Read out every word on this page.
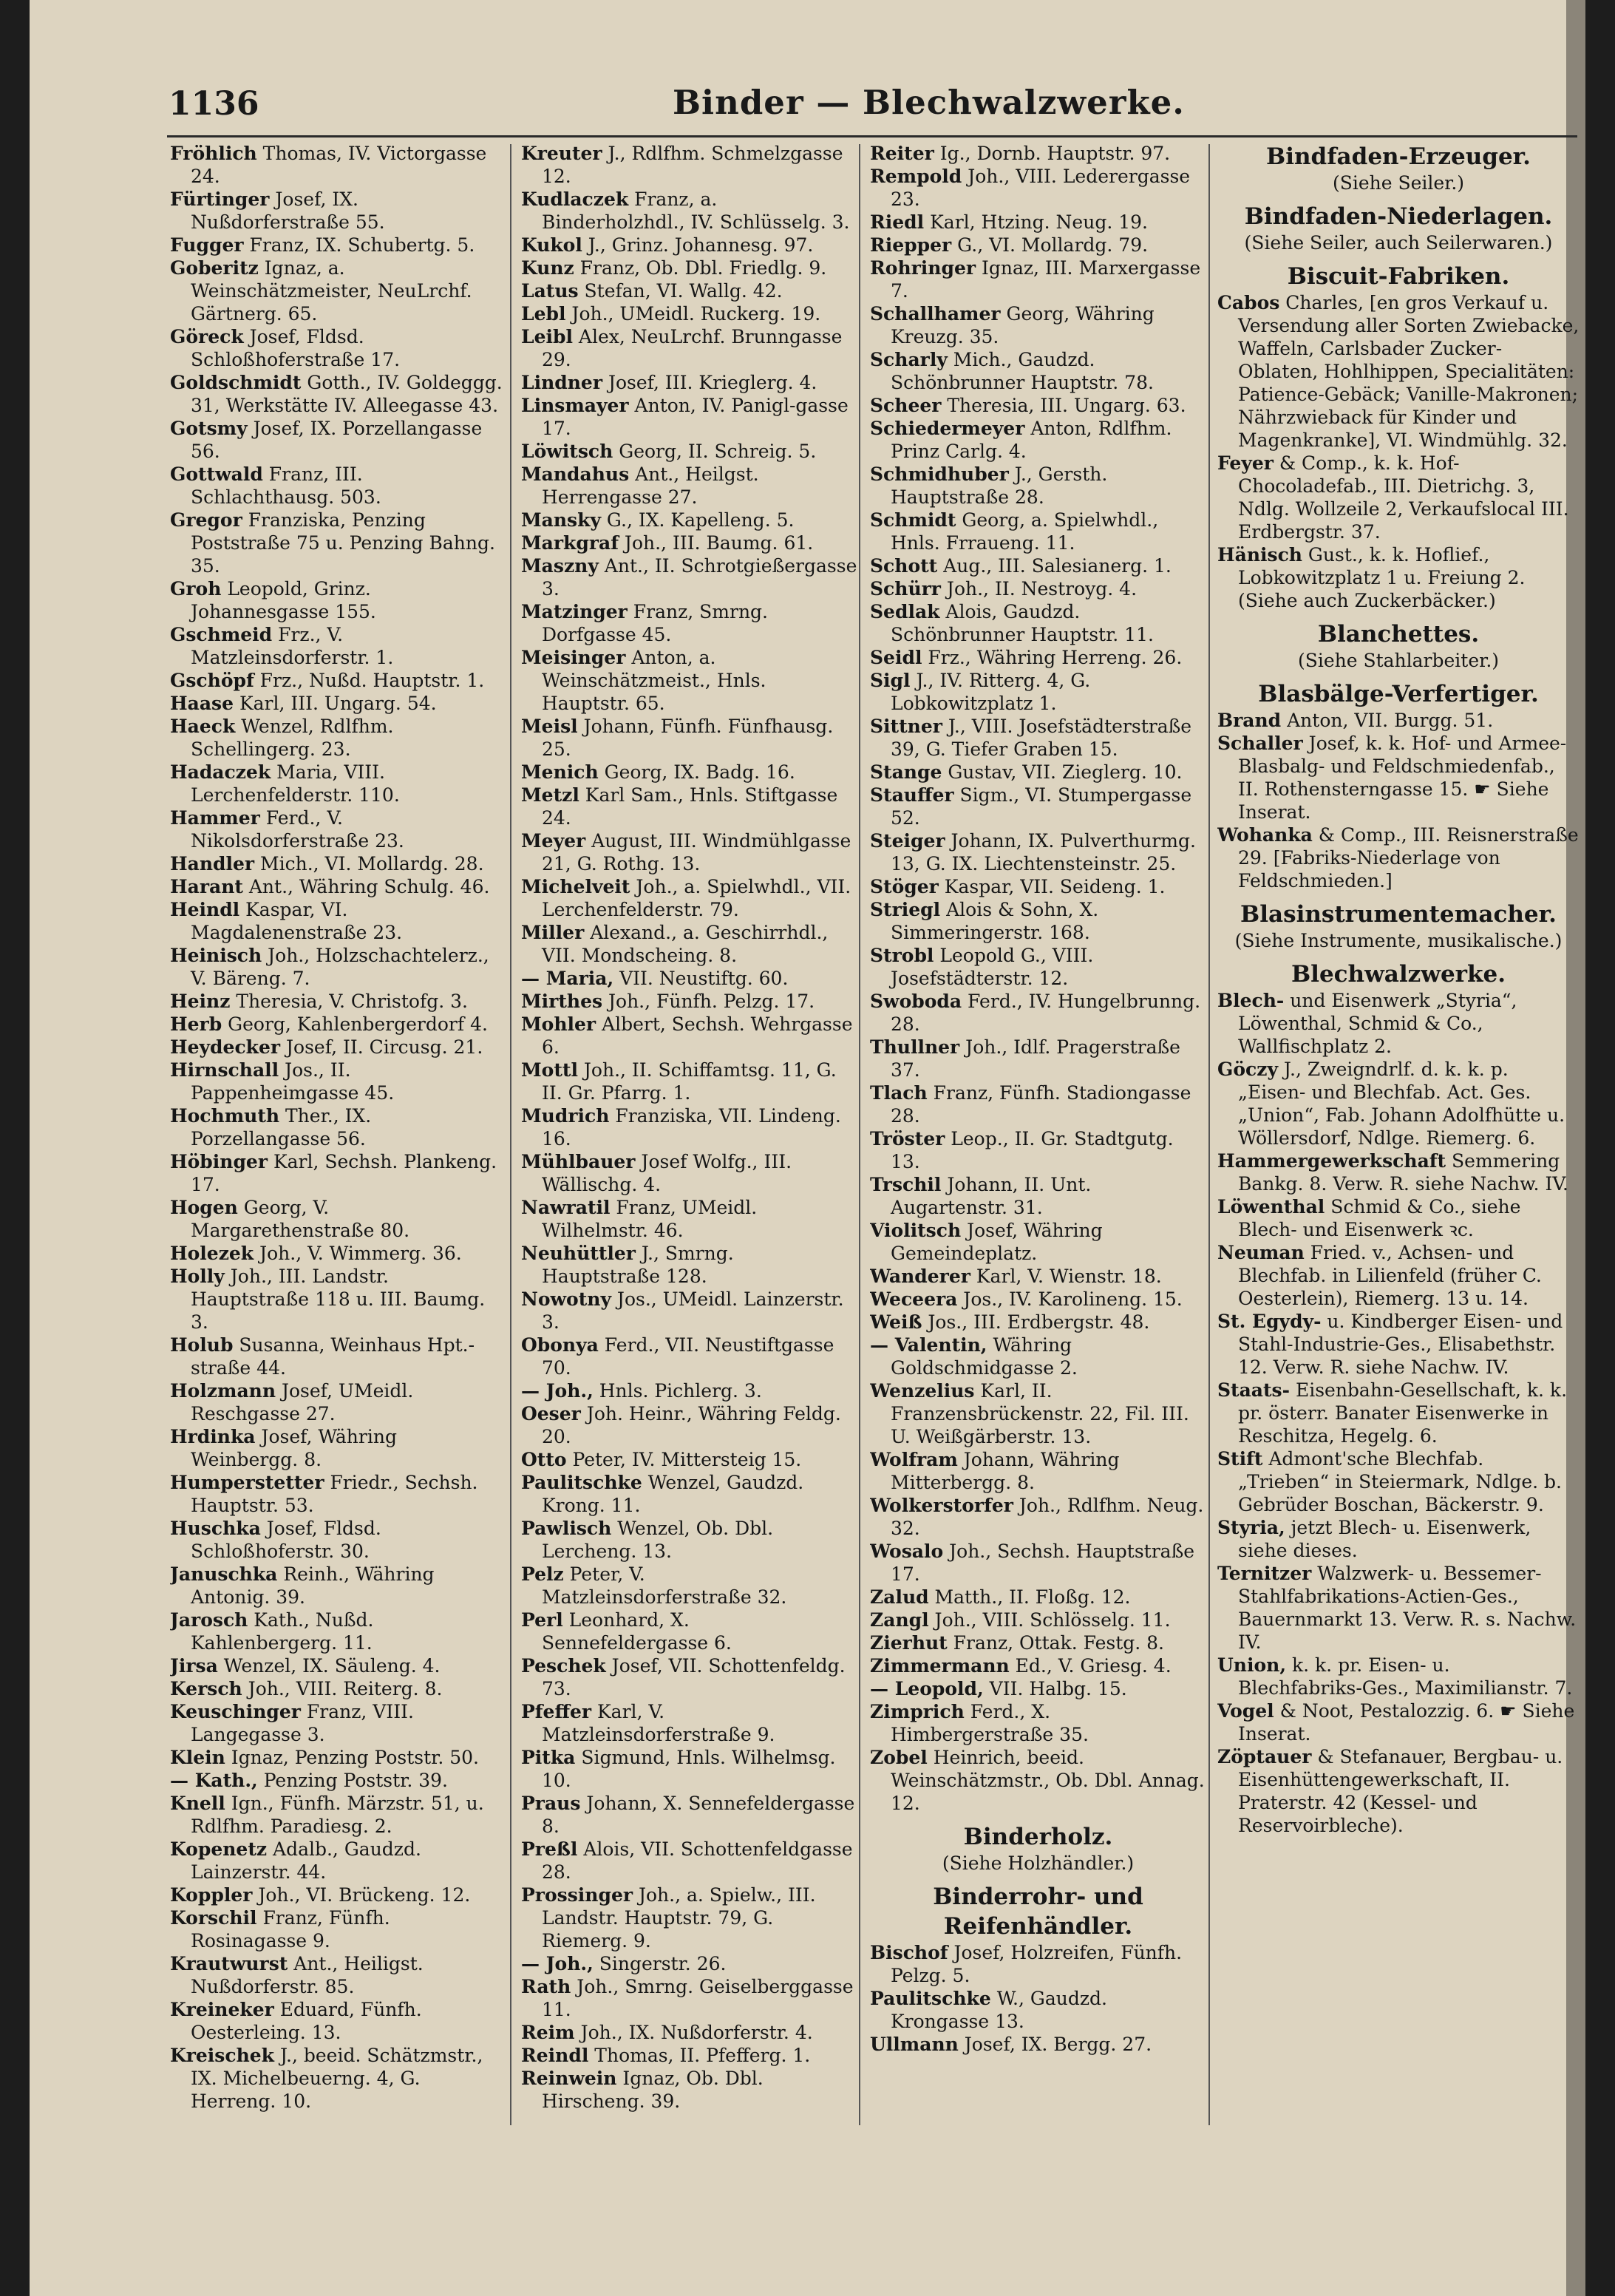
1136	Binder — Blechwalzwerke.

Fröhlich Thomas, IV. Victorgasse 24.

Fürtinger Josef, IX. Nußdorferstraße 55.

Fugger Franz, IX. Schubertg. 5.

Goberitz Ignaz, a. Weinschätzmeister, NeuLrchf. Gärtnerg. 65.

Göreck Josef, Fldsd. Schloßhoferstraße 17.

Goldschmidt Gotth., IV. Goldeggg. 31, Werkstätte IV. Alleegasse 43.

Gotsmy Josef, IX. Porzellangasse 56.

Gottwald Franz, III. Schlachthausg. 503.

Gregor Franziska, Penzing Poststraße 75 u. Penzing Bahng. 35.

Groh Leopold, Grinz. Johannesgasse 155.

Gschmeid Frz., V. Matzleinsdorferstr. 1.

Gschöpf Frz., Nußd. Hauptstr. 1.

Haase Karl, III. Ungarg. 54.

Haeck Wenzel, Rdlfhm. Schellingerg. 23.

Hadaczek Maria, VIII. Lerchenfelderstr. 110.

Hammer Ferd., V. Nikolsdorferstraße 23.

Handler Mich., VI. Mollardg. 28.

Harant Ant., Währing Schulg. 46.

Heindl Kaspar, VI. Magdalenenstraße 23.

Heinisch Joh., Holzschachtelerz., V. Bäreng. 7.

Heinz Theresia, V. Christofg. 3.

Herb Georg, Kahlenbergerdorf 4.

Heydecker Josef, II. Circusg. 21.

Hirnschall Jos., II. Pappenheimgasse 45.

Hochmuth Ther., IX. Porzellangasse 56.

Höbinger Karl, Sechsh. Plankeng. 17.

Hogen Georg, V. Margarethenstraße 80.

Holezek Joh., V. Wimmerg. 36.

Holly Joh., III. Landstr. Hauptstraße 118 u. III. Baumg. 3.

Holub Susanna, Weinhaus Hpt.-straße 44.

Holzmann Josef, UMeidl. Reschgasse 27.

Hrdinka Josef, Währing Weinbergg. 8.

Humperstetter Friedr., Sechsh. Hauptstr. 53.

Huschka Josef, Fldsd. Schloßhoferstr. 30.

Januschka Reinh., Währing Antonig. 39.

Jarosch Kath., Nußd. Kahlenbergerg. 11.

Jirsa Wenzel, IX. Säuleng. 4.

Kersch Joh., VIII. Reiterg. 8.

Keuschinger Franz, VIII. Langegasse 3.

Klein Ignaz, Penzing Poststr. 50.

— Kath., Penzing Poststr. 39.

Knell Ign., Fünfh. Märzstr. 51, u. Rdlfhm. Paradiesg. 2.

Kopenetz Adalb., Gaudzd. Lainzerstr. 44.

Koppler Joh., VI. Brückeng. 12.

Korschil Franz, Fünfh. Rosinagasse 9.

Krautwurst Ant., Heiligst. Nußdorferstr. 85.

Kreineker Eduard, Fünfh. Oesterleing. 13.

Kreischek J., beeid. Schätzmstr., IX. Michelbeuerng. 4, G. Herreng. 10.

Kreuter J., Rdlfhm. Schmelzgasse 12.

Kudlaczek Franz, a. Binderholzhdl., IV. Schlüsselg. 3.

Kukol J., Grinz. Johannesg. 97.

Kunz Franz, Ob. Dbl. Friedlg. 9.

Latus Stefan, VI. Wallg. 42.

Lebl Joh., UMeidl. Ruckerg. 19.

Leibl Alex, NeuLrchf. Brunngasse 29.

Lindner Josef, III. Krieglerg. 4.

Linsmayer Anton, IV. Panigl-gasse 17.

Löwitsch Georg, II. Schreig. 5.

Mandahus Ant., Heilgst. Herrengasse 27.

Mansky G., IX. Kapelleng. 5.

Markgraf Joh., III. Baumg. 61.

Maszny Ant., II. Schrotgießergasse 3.

Matzinger Franz, Smrng. Dorfgasse 45.

Meisinger Anton, a. Weinschätzmeist., Hnls. Hauptstr. 65.

Meisl Johann, Fünfh. Fünfhausg. 25.

Menich Georg, IX. Badg. 16.

Metzl Karl Sam., Hnls. Stiftgasse 24.

Meyer August, III. Windmühlgasse 21, G. Rothg. 13.

Michelveit Joh., a. Spielwhdl., VII. Lerchenfelderstr. 79.

Miller Alexand., a. Geschirrhdl., VII. Mondscheing. 8.

— Maria, VII. Neustiftg. 60.

Mirthes Joh., Fünfh. Pelzg. 17.

Mohler Albert, Sechsh. Wehrgasse 6.

Mottl Joh., II. Schiffamtsg. 11, G. II. Gr. Pfarrg. 1.

Mudrich Franziska, VII. Lindeng. 16.

Mühlbauer Josef Wolfg., III. Wällischg. 4.

Nawratil Franz, UMeidl. Wilhelmstr. 46.

Neuhüttler J., Smrng. Hauptstraße 128.

Nowotny Jos., UMeidl. Lainzerstr. 3.

Obonya Ferd., VII. Neustiftgasse 70.

— Joh., Hnls. Pichlerg. 3.

Oeser Joh. Heinr., Währing Feldg. 20.

Otto Peter, IV. Mittersteig 15.

Paulitschke Wenzel, Gaudzd. Krong. 11.

Pawlisch Wenzel, Ob. Dbl. Lercheng. 13.

Pelz Peter, V. Matzleinsdorferstraße 32.

Perl Leonhard, X. Sennefeldergasse 6.

Peschek Josef, VII. Schottenfeldg. 73.

Pfeffer Karl, V. Matzleinsdorferstraße 9.

Pitka Sigmund, Hnls. Wilhelmsg. 10.

Praus Johann, X. Sennefeldergasse 8.

Preßl Alois, VII. Schottenfeldgasse 28.

Prossinger Joh., a. Spielw., III. Landstr. Hauptstr. 79, G. Riemerg. 9.

— Joh., Singerstr. 26.

Rath Joh., Smrng. Geiselberggasse 11.

Reim Joh., IX. Nußdorferstr. 4.

Reindl Thomas, II. Pfefferg. 1.

Reinwein Ignaz, Ob. Dbl. Hirscheng. 39.

Reiter Ig., Dornb. Hauptstr. 97.

Rempold Joh., VIII. Lederergasse 23.

Riedl Karl, Htzing. Neug. 19.

Riepper G., VI. Mollardg. 79.

Rohringer Ignaz, III. Marxergasse 7.

Schallhamer Georg, Währing Kreuzg. 35.

Scharly Mich., Gaudzd. Schönbrunner Hauptstr. 78.

Scheer Theresia, III. Ungarg. 63.

Schiedermeyer Anton, Rdlfhm. Prinz Carlg. 4.

Schmidhuber J., Gersth. Hauptstraße 28.

Schmidt Georg, a. Spielwhdl., Hnls. Frraueng. 11.

Schott Aug., III. Salesianerg. 1.

Schürr Joh., II. Nestroyg. 4.

Sedlak Alois, Gaudzd. Schönbrunner Hauptstr. 11.

Seidl Frz., Währing Herreng. 26.

Sigl J., IV. Ritterg. 4, G. Lobkowitzplatz 1.

Sittner J., VIII. Josefstädterstraße 39, G. Tiefer Graben 15.

Stange Gustav, VII. Zieglerg. 10.

Stauffer Sigm., VI. Stumpergasse 52.

Steiger Johann, IX. Pulverthurmg. 13, G. IX. Liechtensteinstr. 25.

Stöger Kaspar, VII. Seideng. 1.

Striegl Alois & Sohn, X. Simmeringerstr. 168.

Strobl Leopold G., VIII. Josefstädterstr. 12.

Swoboda Ferd., IV. Hungelbrunng. 28.

Thullner Joh., Idlf. Pragerstraße 37.

Tlach Franz, Fünfh. Stadiongasse 28.

Tröster Leop., II. Gr. Stadtgutg. 13.

Trschil Johann, II. Unt. Augartenstr. 31.

Violitsch Josef, Währing Gemeindeplatz.

Wanderer Karl, V. Wienstr. 18.

Weceera Jos., IV. Karolineng. 15.

Weiß Jos., III. Erdbergstr. 48.

— Valentin, Währing Goldschmidgasse 2.

Wenzelius Karl, II. Franzensbrückenstr. 22, Fil. III. U. Weißgärberstr. 13.

Wolfram Johann, Währing Mitterbergg. 8.

Wolkerstorfer Joh., Rdlfhm. Neug. 32.

Wosalo Joh., Sechsh. Hauptstraße 17.

Zalud Matth., II. Floßg. 12.

Zangl Joh., VIII. Schlösselg. 11.

Zierhut Franz, Ottak. Festg. 8.

Zimmermann Ed., V. Griesg. 4.

— Leopold, VII. Halbg. 15.

Zimprich Ferd., X. Himbergerstraße 35.

Zobel Heinrich, beeid. Weinschätzmstr., Ob. Dbl. Annag. 12.

Binderholz.
(Siehe Holzhändler.)
Binderrohr- und Reifenhändler.

Bischof Josef, Holzreifen, Fünfh. Pelzg. 5.

Paulitschke W., Gaudzd. Krongasse 13.

Ullmann Josef, IX. Bergg. 27.

Bindfaden-Erzeuger.
(Siehe Seiler.)
Bindfaden-Niederlagen.
(Siehe Seiler, auch Seilerwaren.)
Biscuit-Fabriken.

Cabos Charles, [en gros Verkauf u. Versendung aller Sorten Zwiebacke, Waffeln, Carlsbader Zucker-Oblaten, Hohlhippen, Specialitäten: Patience-Gebäck; Vanille-Makronen; Nährzwieback für Kinder und Magenkranke], VI. Windmühlg. 32.

Feyer & Comp., k. k. Hof-Chocoladefab., III. Dietrichg. 3, Ndlg. Wollzeile 2, Verkaufslocal III. Erdbergstr. 37.

Hänisch Gust., k. k. Hoflief., Lobkowitzplatz 1 u. Freiung 2. (Siehe auch Zuckerbäcker.)

Blanchettes.
(Siehe Stahlarbeiter.)
Blasbälge-Verfertiger.

Brand Anton, VII. Burgg. 51.

Schaller Josef, k. k. Hof- und Armee-Blasbalg- und Feldschmiedenfab., II. Rothensterngasse 15. ☛ Siehe Inserat.

Wohanka & Comp., III. Reisnerstraße 29. [Fabriks-Niederlage von Feldschmieden.]

Blasinstrumentemacher.
(Siehe Instrumente, musikalische.)
Blechwalzwerke.

Blech- und Eisenwerk „Styria“, Löwenthal, Schmid & Co., Wallfischplatz 2.

Göczy J., Zweigndrlf. d. k. k. p. „Eisen- und Blechfab. Act. Ges. „Union“, Fab. Johann Adolfhütte u. Wöllersdorf, Ndlge. Riemerg. 6.

Hammergewerkschaft Semmering Bankg. 8. Verw. R. siehe Nachw. IV.

Löwenthal Schmid & Co., siehe Blech- und Eisenwerk ꝛc.

Neuman Fried. v., Achsen- und Blechfab. in Lilienfeld (früher C. Oesterlein), Riemerg. 13 u. 14.

St. Egydy- u. Kindberger Eisen- und Stahl-Industrie-Ges., Elisabethstr. 12. Verw. R. siehe Nachw. IV.

Staats- Eisenbahn-Gesellschaft, k. k. pr. österr. Banater Eisenwerke in Reschitza, Hegelg. 6.

Stift Admont'sche Blechfab. „Trieben“ in Steiermark, Ndlge. b. Gebrüder Boschan, Bäckerstr. 9.

Styria, jetzt Blech- u. Eisenwerk, siehe dieses.

Ternitzer Walzwerk- u. Bessemer-Stahlfabrikations-Actien-Ges., Bauernmarkt 13. Verw. R. s. Nachw. IV.

Union, k. k. pr. Eisen- u. Blechfabriks-Ges., Maximilianstr. 7.

Vogel & Noot, Pestalozzig. 6. ☛ Siehe Inserat.

Zöptauer & Stefanauer, Bergbau- u. Eisenhüttengewerkschaft, II. Praterstr. 42 (Kessel- und Reservoirbleche).
